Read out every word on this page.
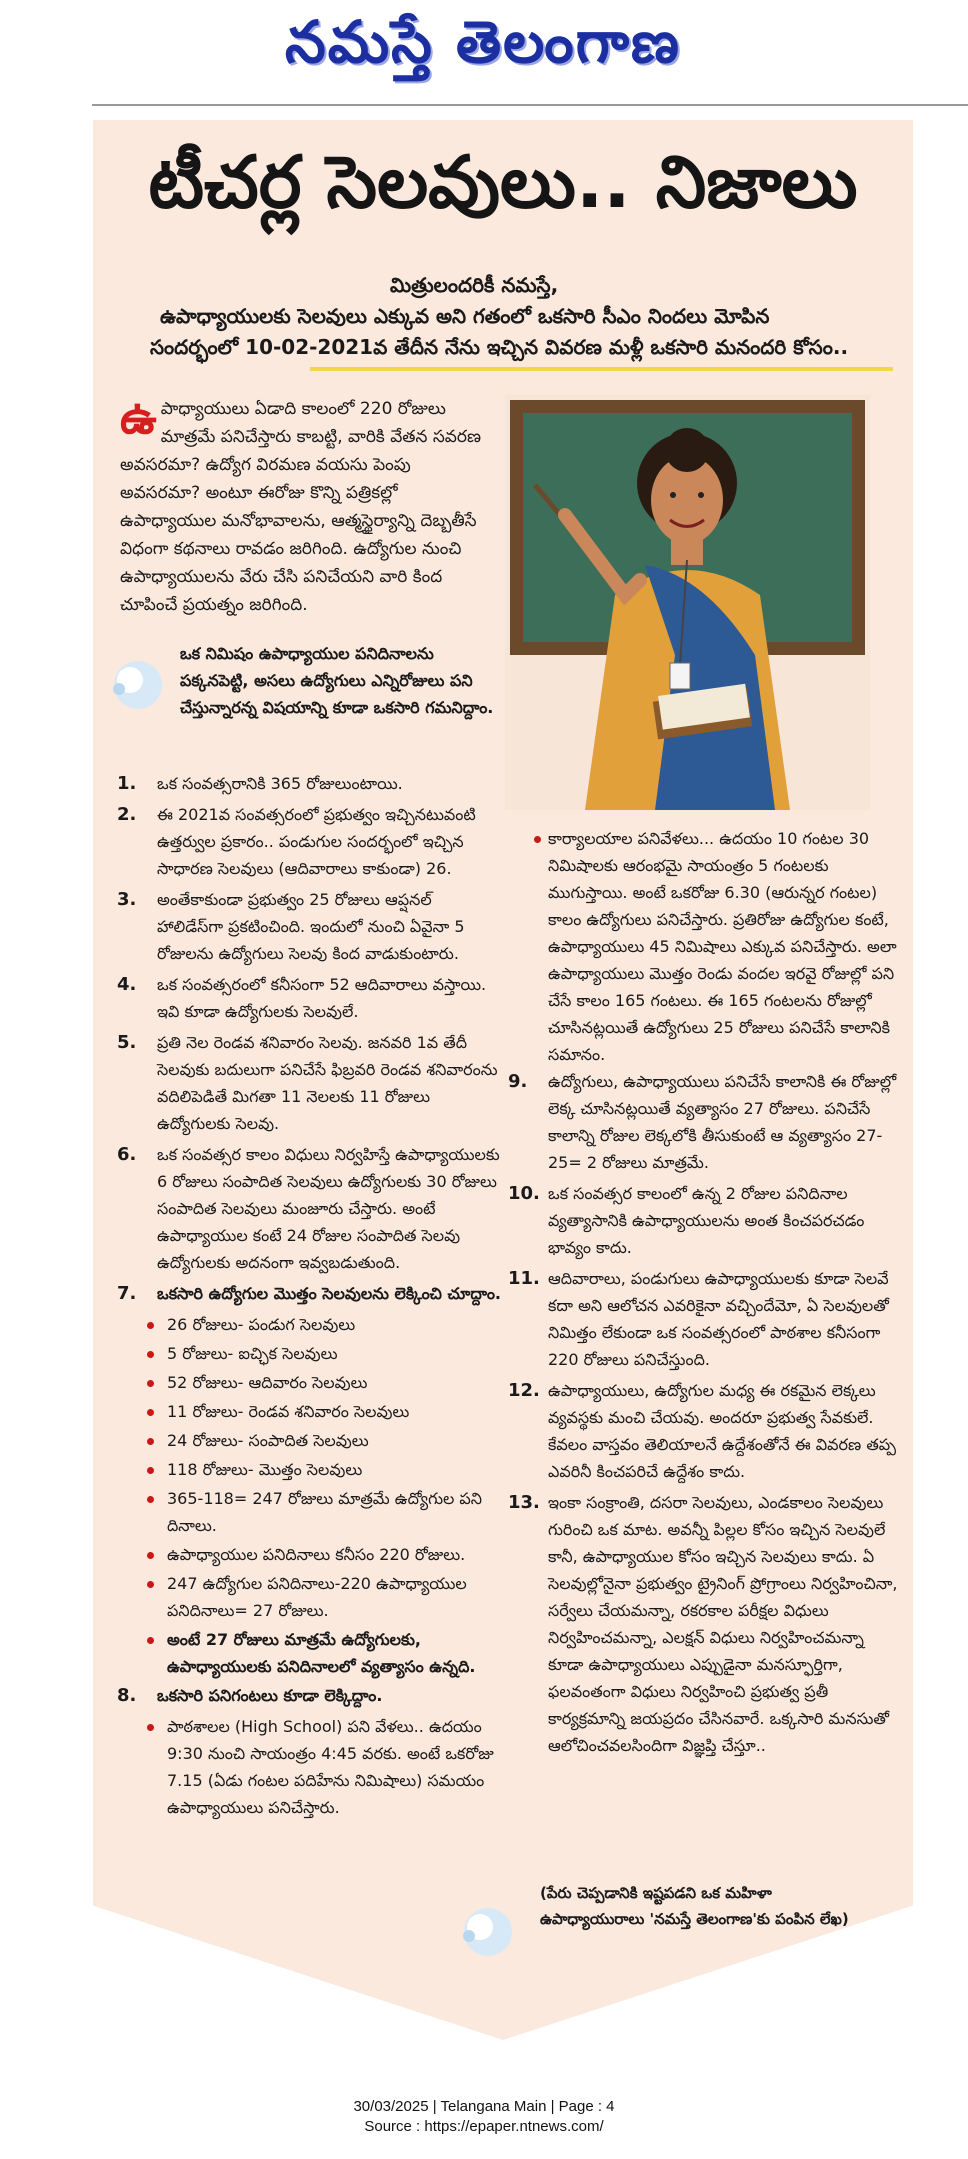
నమస్తే తెలంగాణ
టీచర్ల సెలవులు.. నిజాలు
మిత్రులందరికీ నమస్తే,
ఉపాధ్యాయులకు సెలవులు ఎక్కువ అని గతంలో ఒకసారి సీఎం నిందలు మోపిన
సందర్భంలో 10-02-2021వ తేదీన నేను ఇచ్చిన వివరణ మళ్లీ ఒకసారి మనందరి కోసం..
ఉపాధ్యాయులు ఏడాది కాలంలో 220 రోజులు మాత్రమే పనిచేస్తారు కాబట్టి, వారికి వేతన సవరణ అవసరమా? ఉద్యోగ విరమణ వయసు పెంపు అవసరమా? అంటూ ఈరోజు కొన్ని పత్రికల్లో ఉపాధ్యాయుల మనోభావాలను, ఆత్మస్థైర్యాన్ని దెబ్బతీసే విధంగా కథనాలు రావడం జరిగింది. ఉద్యోగుల నుంచి ఉపాధ్యాయులను వేరు చేసి పనిచేయని వారి కింద చూపించే ప్రయత్నం జరిగింది.
ఒక నిమిషం ఉపాధ్యాయుల పనిదినాలను పక్కనపెట్టి, అసలు ఉద్యోగులు ఎన్నిరోజులు పని చేస్తున్నారన్న విషయాన్ని కూడా ఒకసారి గమనిద్దాం.
1. ఒక సంవత్సరానికి 365 రోజులుంటాయి.
2. ఈ 2021వ సంవత్సరంలో ప్రభుత్వం ఇచ్చినటువంటి ఉత్తర్వుల ప్రకారం.. పండుగుల సందర్భంలో ఇచ్చిన సాధారణ సెలవులు (ఆదివారాలు కాకుండా) 26.
3. అంతేకాకుండా ప్రభుత్వం 25 రోజులు ఆప్షనల్ హాలిడేస్‌గా ప్రకటించింది. ఇందులో నుంచి ఏవైనా 5 రోజులను ఉద్యోగులు సెలవు కింద వాడుకుంటారు.
4. ఒక సంవత్సరంలో కనీసంగా 52 ఆదివారాలు వస్తాయి. ఇవి కూడా ఉద్యోగులకు సెలవులే.
5. ప్రతి నెల రెండవ శనివారం సెలవు. జనవరి 1వ తేదీ సెలవుకు బదులుగా పనిచేసే ఫిబ్రవరి రెండవ శనివారంను వదిలిపెడితే మిగతా 11 నెలలకు 11 రోజులు ఉద్యోగులకు సెలవు.
6. ఒక సంవత్సర కాలం విధులు నిర్వహిస్తే ఉపాధ్యాయులకు 6 రోజులు సంపాదిత సెలవులు ఉద్యోగులకు 30 రోజులు సంపాదిత సెలవులు మంజూరు చేస్తారు. అంటే ఉపాధ్యాయుల కంటే 24 రోజుల సంపాదిత సెలవు ఉద్యోగులకు అదనంగా ఇవ్వబడుతుంది.
7. ఒకసారి ఉద్యోగుల మొత్తం సెలవులను లెక్కించి చూద్దాం.
26 రోజులు- పండుగ సెలవులు
5 రోజులు- ఐచ్ఛిక సెలవులు
52 రోజులు- ఆదివారం సెలవులు
11 రోజులు- రెండవ శనివారం సెలవులు
24 రోజులు- సంపాదిత సెలవులు
118 రోజులు- మొత్తం సెలవులు
365-118= 247 రోజులు మాత్రమే ఉద్యోగుల పని దినాలు.
ఉపాధ్యాయుల పనిదినాలు కనీసం 220 రోజులు.
247 ఉద్యోగుల పనిదినాలు-220 ఉపాధ్యాయుల పనిదినాలు= 27 రోజులు.
అంటే 27 రోజులు మాత్రమే ఉద్యోగులకు, ఉపాధ్యాయులకు పనిదినాలలో వ్యత్యాసం ఉన్నది.
8. ఒకసారి పనిగంటలు కూడా లెక్కిద్దాం.
పాఠశాలల (High School) పని వేళలు.. ఉదయం 9:30 నుంచి సాయంత్రం 4:45 వరకు. అంటే ఒకరోజు 7.15 (ఏడు గంటల పదిహేను నిమిషాలు) సమయం ఉపాధ్యాయులు పనిచేస్తారు.
కార్యాలయాల పనివేళలు... ఉదయం 10 గంటల 30 నిమిషాలకు ఆరంభమై సాయంత్రం 5 గంటలకు ముగుస్తాయి. అంటే ఒకరోజు 6.30 (ఆరున్నర గంటల) కాలం ఉద్యోగులు పనిచేస్తారు. ప్రతిరోజు ఉద్యోగుల కంటే, ఉపాధ్యాయులు 45 నిమిషాలు ఎక్కువ పనిచేస్తారు. అలా ఉపాధ్యాయులు మొత్తం రెండు వందల ఇరవై రోజుల్లో పని చేసే కాలం 165 గంటలు. ఈ 165 గంటలను రోజుల్లో చూసినట్లయితే ఉద్యోగులు 25 రోజులు పనిచేసే కాలానికి సమానం.
9. ఉద్యోగులు, ఉపాధ్యాయులు పనిచేసే కాలానికి ఈ రోజుల్లో లెక్క చూసినట్లయితే వ్యత్యాసం 27 రోజులు. పనిచేసే కాలాన్ని రోజుల లెక్కలోకి తీసుకుంటే ఆ వ్యత్యాసం 27-25= 2 రోజులు మాత్రమే.
10. ఒక సంవత్సర కాలంలో ఉన్న 2 రోజుల పనిదినాల వ్యత్యాసానికి ఉపాధ్యాయులను అంత కించపరచడం భావ్యం కాదు.
11. ఆదివారాలు, పండుగులు ఉపాధ్యాయులకు కూడా సెలవే కదా అని ఆలోచన ఎవరికైనా వచ్చిందేమో, ఏ సెలవులతో నిమిత్తం లేకుండా ఒక సంవత్సరంలో పాఠశాల కనీసంగా 220 రోజులు పనిచేస్తుంది.
12. ఉపాధ్యాయులు, ఉద్యోగుల మధ్య ఈ రకమైన లెక్కలు వ్యవస్థకు మంచి చేయవు. అందరూ ప్రభుత్వ సేవకులే. కేవలం వాస్తవం తెలియాలనే ఉద్దేశంతోనే ఈ వివరణ తప్ప ఎవరినీ కించపరిచే ఉద్దేశం కాదు.
13. ఇంకా సంక్రాంతి, దసరా సెలవులు, ఎండకాలం సెలవులు గురించి ఒక మాట. అవన్నీ పిల్లల కోసం ఇచ్చిన సెలవులే కానీ, ఉపాధ్యాయుల కోసం ఇచ్చిన సెలవులు కాదు. ఏ సెలవుల్లోనైనా ప్రభుత్వం ట్రైనింగ్ ప్రోగ్రాంలు నిర్వహించినా, సర్వేలు చేయమన్నా, రకరకాల పరీక్షల విధులు నిర్వహించమన్నా, ఎలక్షన్ విధులు నిర్వహించమన్నా కూడా ఉపాధ్యాయులు ఎప్పుడైనా మనస్ఫూర్తిగా, ఫలవంతంగా విధులు నిర్వహించి ప్రభుత్వ ప్రతీ కార్యక్రమాన్ని జయప్రదం చేసినవారే. ఒక్కసారి మనసుతో ఆలోచించవలసిందిగా విజ్ఞప్తి చేస్తూ..
(పేరు చెప్పడానికి ఇష్టపడని ఒక మహిళా ఉపాధ్యాయురాలు 'నమస్తే తెలంగాణ'కు పంపిన లేఖ)
30/03/2025 | Telangana Main | Page : 4
Source : https://epaper.ntnews.com/
